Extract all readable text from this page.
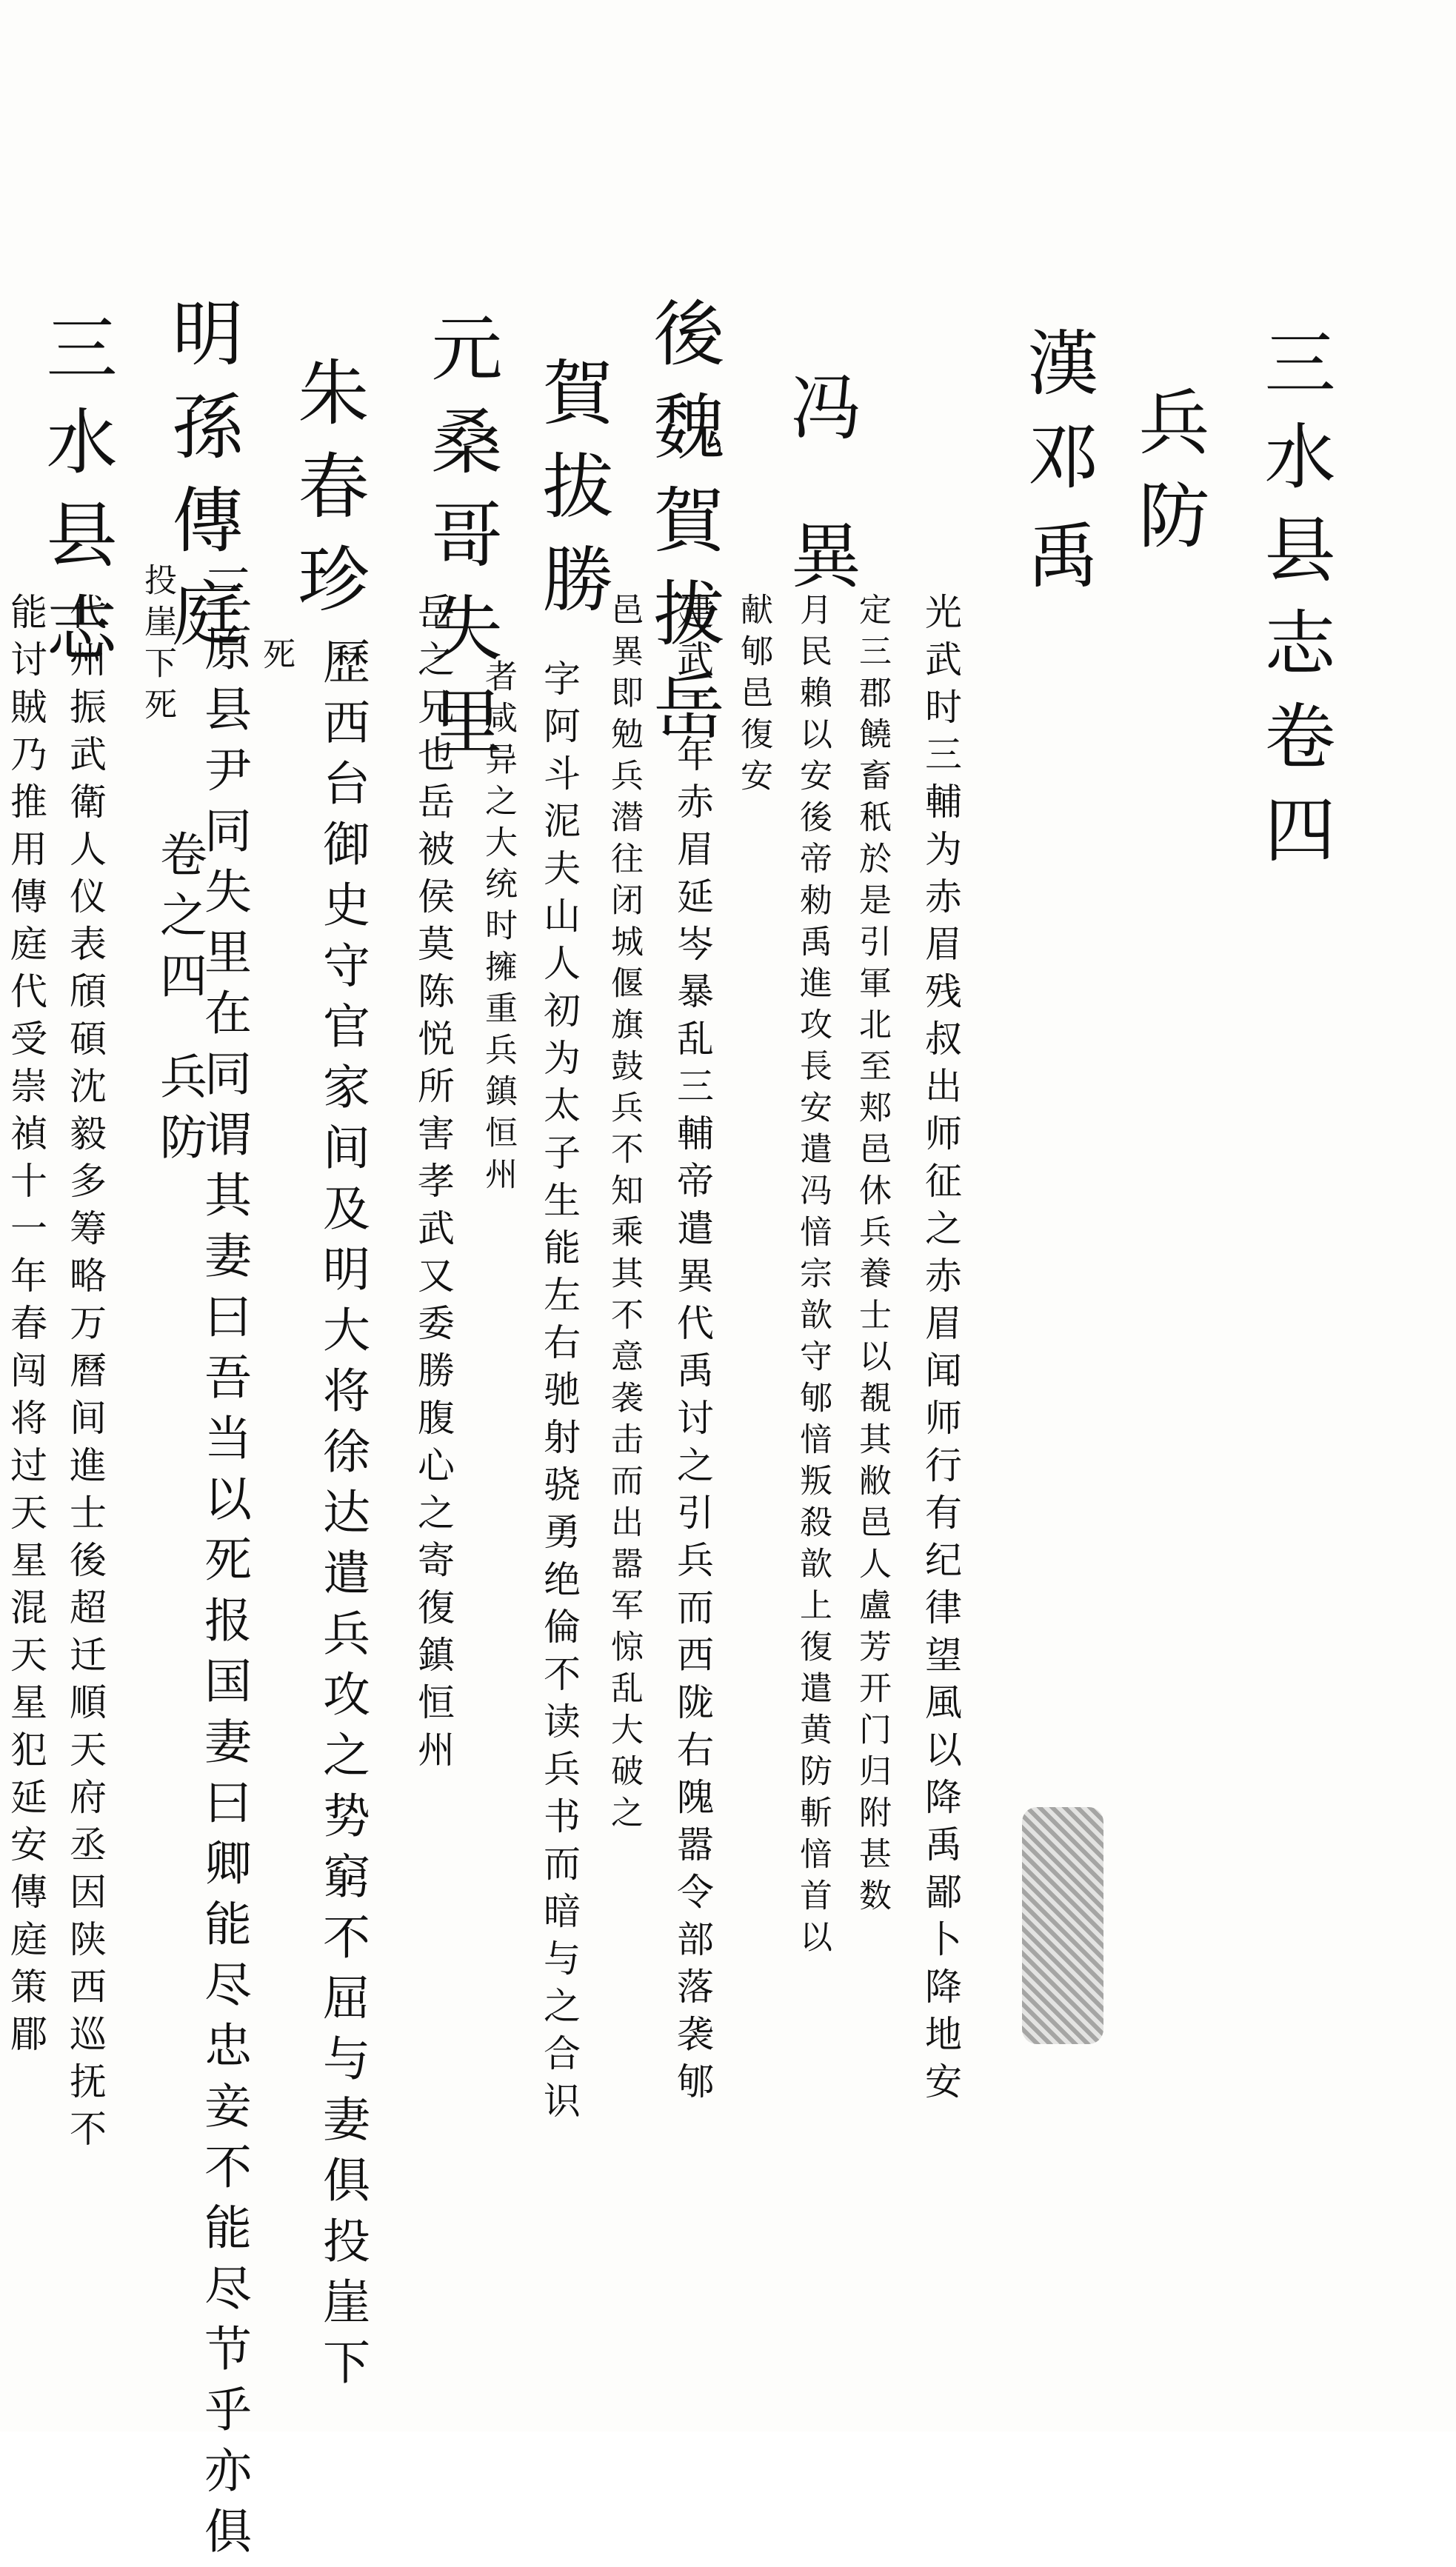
三水县志卷四
兵防
漢邓
禹
光武时三輔为赤眉残叔出师征之赤眉闻师行有纪律望風以降禹鄙卜降地安
定三郡饒畜秖於是引軍北至郏邑休兵養士以覩其敝邑人盧芳开门归附甚数
月民賴以安後帝勑禹進攻長安遣冯愔宗歆守郇愔叛殺歆上復遣黄防斬愔首以
献郇邑復安
冯
異
建武二年赤眉延岑暴乱三輔帝遣異代禹讨之引兵而西陇右隗嚣令部落袭郇
邑異即勉兵潜往闭城偃旗鼓兵不知乘其不意袭击而出嚣军惊乱大破之
後魏賀拔岳
字阿斗泥夫山人初为太子生能左右驰射骁勇绝倫不读兵书而暗与之合识
者咸异之大统时擁重兵鎮恒州
賀拔勝
岳之兄也岳被侯莫陈悦所害孝武又委勝腹心之寄復鎮恒州
元桑哥失里
歷西台御史守官家间及明大将徐达遣兵攻之势窮不屈与妻俱投崖下
死
朱春珍
三原县尹同失里在同谓其妻曰吾当以死报国妻曰卿能尽忠妾不能尽节乎亦俱
投崖下死
明孫傳庭
代州振武衛人仪表頎碩沈毅多筹略万曆间進士後超迁順天府丞因陕西巡抚不
能讨賊乃推用傳庭代受崇禎十一年春闯将过天星混天星犯延安傳庭策郿
三水县志
卷之四
兵防
